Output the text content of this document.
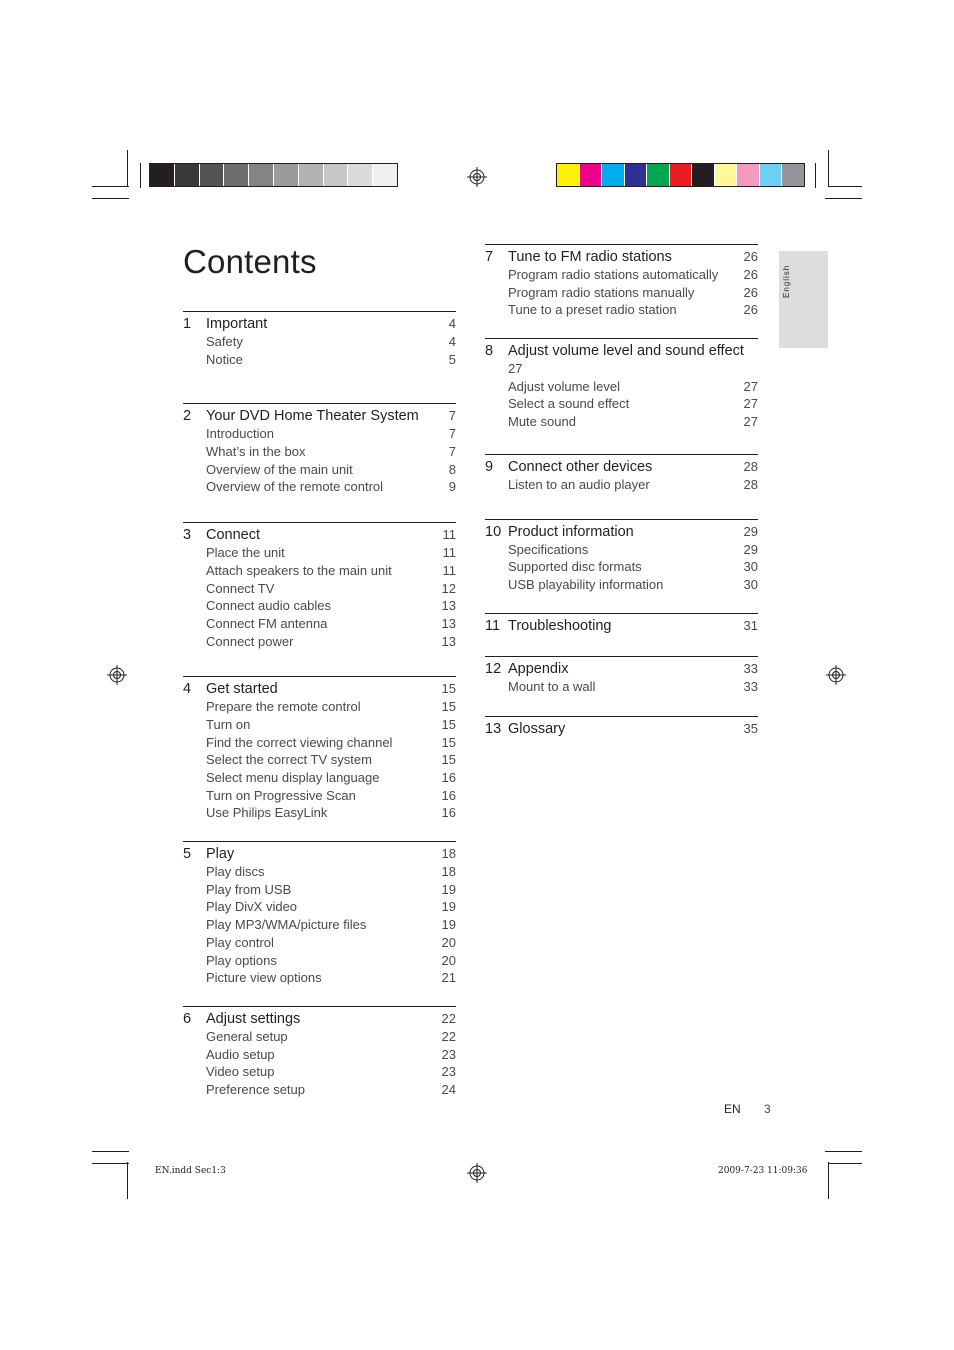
Contents
English
1 Important	4
Safety	4
Notice	5
2 Your DVD Home Theater System 7
Introduction	7
What’s in the box	7
Overview of the main unit	8
Overview of the remote control	9
3 Connect	11
Place the unit	11
Attach speakers to the main unit	11
Connect TV	12
Connect audio cables	13
Connect FM antenna	13
Connect power	13
4 Get started	15
Prepare the remote control	15
Turn on	15
Find the correct viewing channel	15
Select the correct TV system	15
Select menu display language	16
Turn on Progressive Scan	16
Use Philips EasyLink	16
5 Play	18
Play discs	18
Play from USB	19
Play DivX video	19
Play MP3/WMA/picture files	19
Play control	20
Play options	20
Picture view options	21
6 Adjust settings	22
General setup	22
Audio setup	23
Video setup	23
Preference setup	24
7 Tune to FM radio stations	26
Program radio stations automatically 26
Program radio stations manually	26
Tune to a preset radio station	26
8 Adjust volume level and sound effect
27
Adjust volume level	27
Select a sound effect	27
Mute sound	27
9 Connect other devices	28
Listen to an audio player	28
10 Product information	29
Specifications	29
Supported disc formats	30
USB playability information	30
11 Troubleshooting	31
12 Appendix	33
Mount to a wall	33
13 Glossary	35
EN 3
EN.indd Sec1:3	2009-7-23 11:09:36
